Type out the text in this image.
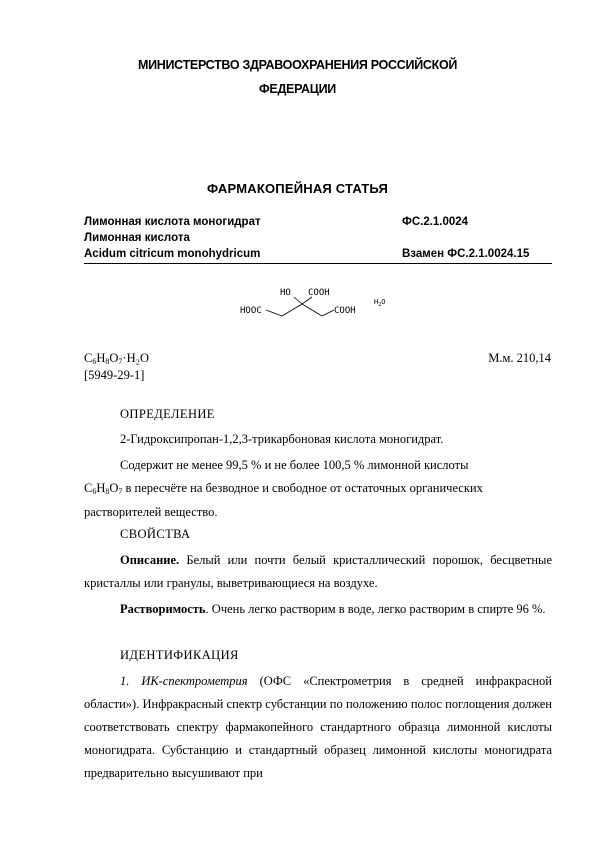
МИНИСТЕРСТВО ЗДРАВООХРАНЕНИЯ РОССИЙСКОЙ
ФЕДЕРАЦИИ
ФАРМАКОПЕЙНАЯ СТАТЬЯ
Лимонная кислота моногидрат	ФС.2.1.0024
Лимонная кислота
Acidum citricum monohydricum	Взамен ФС.2.1.0024.15
HO COOH
HOOC	COOH
$H_2O$
$C_6H_8O_7\cdot H_2O$	М.м. 210,14
[5949-29-1]
ОПРЕДЕЛЕНИЕ
2-Гидроксипропан-1,2,3-трикарбоновая кислота моногидрат.
Содержит не менее 99,5 % и не более 100,5 % лимонной кислоты
$C_6H_8O_7$ в пересчёте на безводное и свободное от остаточных органических
растворителей вещество.
СВОЙСТВА
Описание. Белый или почти белый кристаллический порошок, бесцветные кристаллы или гранулы, выветривающиеся на воздухе.
Растворимость. Очень легко растворим в воде, легко растворим в спирте 96 %.
ИДЕНТИФИКАЦИЯ
1. ИК-спектрометрия (ОФС «Спектрометрия в средней инфракрасной области»). Инфракрасный спектр субстанции по положению полос поглощения должен соответствовать спектру фармакопейного стандартного образца лимонной кислоты моногидрата. Субстанцию и стандартный образец лимонной кислоты моногидрата предварительно высушивают при
